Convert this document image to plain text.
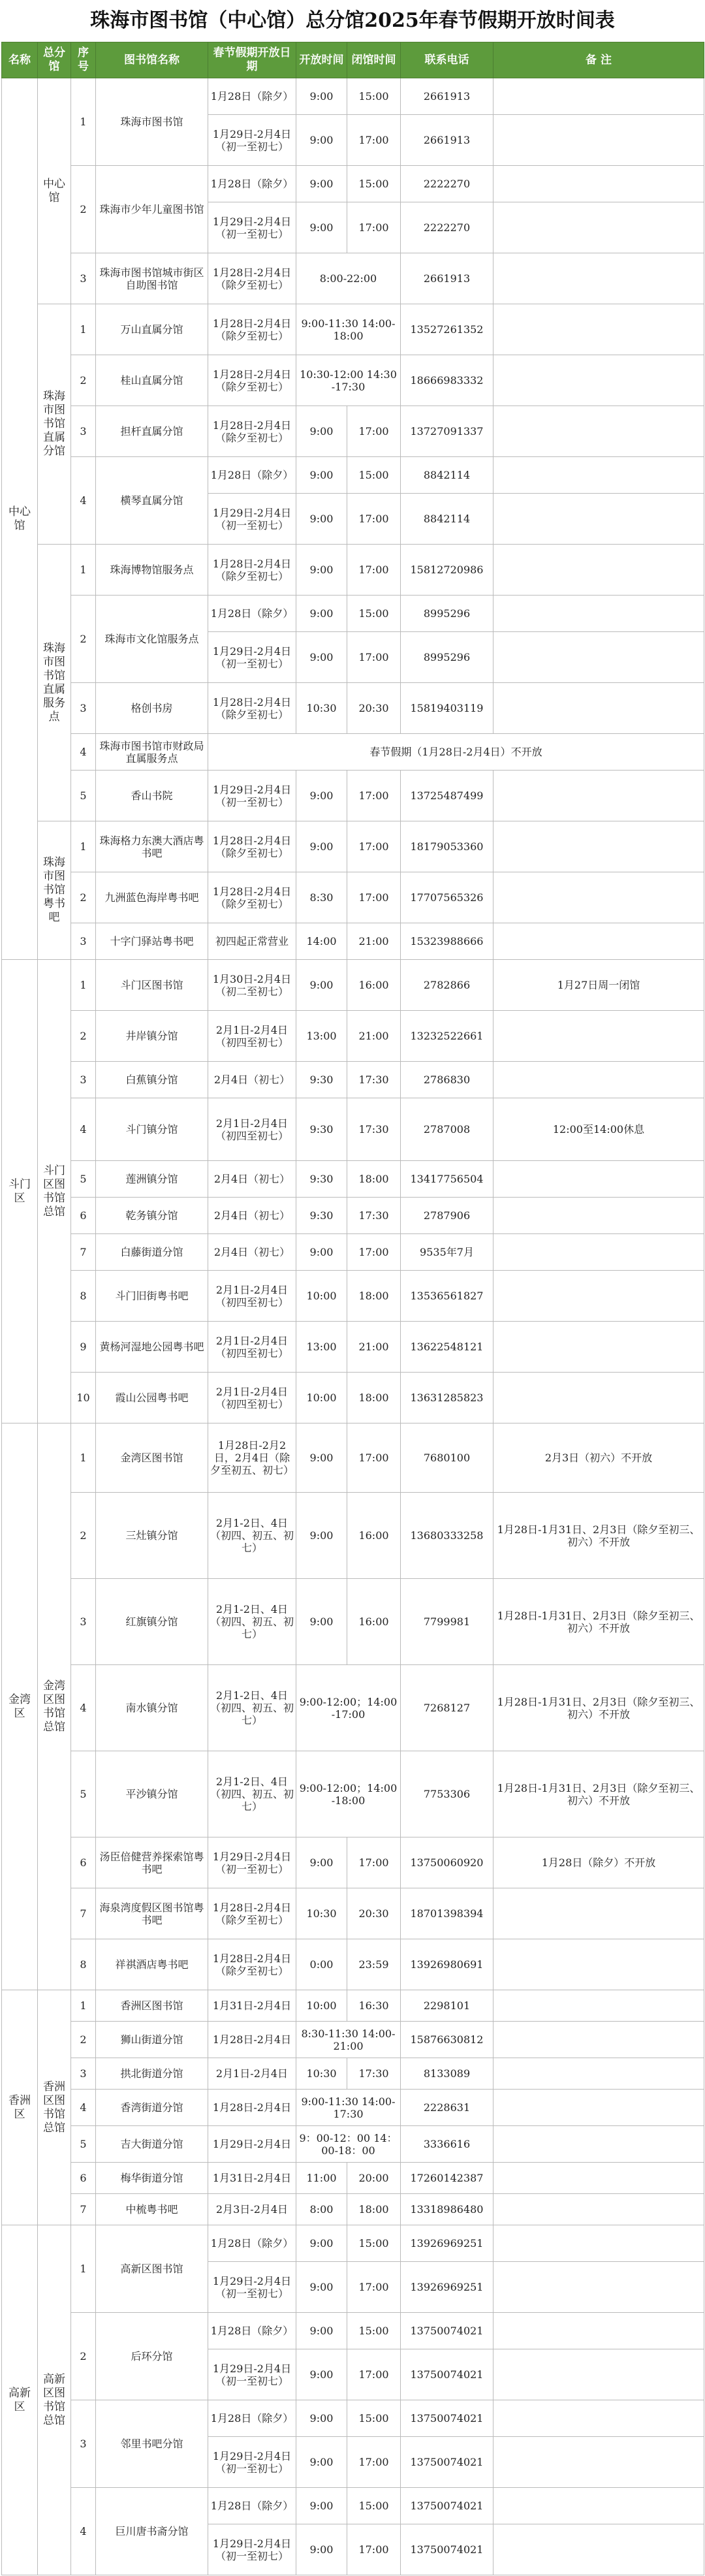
珠海市图书馆（中心馆）总分馆2025年春节假期开放时间表
名称	总分馆	序号	图书馆名称	春节假期开放日期	开放时间	闭馆时间	联系电话	备 注
中心馆	中心馆	1	珠海市图书馆	1月28日（除夕）	9:00	15:00	2661913	
				1月29日-2月4日（初一至初七）	9:00	17:00	2661913	
		2	珠海市少年儿童图书馆	1月28日（除夕）	9:00	15:00	2222270	
				1月29日-2月4日（初一至初七）	9:00	17:00	2222270	
		3	珠海市图书馆城市街区自助图书馆	1月28日-2月4日（除夕至初七）	8:00-22:00		2661913	
	珠海市图书馆直属分馆	1	万山直属分馆	1月28日-2月4日（除夕至初七）	9:00-11:30 14:00-18:00		13527261352	
		2	桂山直属分馆	1月28日-2月4日（除夕至初七）	10:30-12:00 14:30-17:30		18666983332	
		3	担杆直属分馆	1月28日-2月4日（除夕至初七）	9:00	17:00	13727091337	
		4	横琴直属分馆	1月28日（除夕）	9:00	15:00	8842114	
				1月29日-2月4日（初一至初七）	9:00	17:00	8842114	
	珠海市图书馆直属服务点	1	珠海博物馆服务点	1月28日-2月4日（除夕至初七）	9:00	17:00	15812720986	
		2	珠海市文化馆服务点	1月28日（除夕）	9:00	15:00	8995296	
				1月29日-2月4日（初一至初七）	9:00	17:00	8995296	
		3	格创书房	1月28日-2月4日（除夕至初七）	10:30	20:30	15819403119	
		4	珠海市图书馆市财政局直属服务点	春节假期（1月28日-2月4日）不开放				
		5	香山书院	1月29日-2月4日（初一至初七）	9:00	17:00	13725487499	
	珠海市图书馆粤书吧	1	珠海格力东澳大酒店粤书吧	1月28日-2月4日（除夕至初七）	9:00	17:00	18179053360	
		2	九洲蓝色海岸粤书吧	1月28日-2月4日（除夕至初七）	8:30	17:00	17707565326	
		3	十字门驿站粤书吧	初四起正常营业	14:00	21:00	15323988666	
斗门区	斗门区图书馆总馆	1	斗门区图书馆	1月30日-2月4日（初二至初七）	9:00	16:00	2782866	1月27日周一闭馆
		2	井岸镇分馆	2月1日-2月4日（初四至初七）	13:00	21:00	13232522661	
		3	白蕉镇分馆	2月4日（初七）	9:30	17:30	2786830	
		4	斗门镇分馆	2月1日-2月4日（初四至初七）	9:30	17:30	2787008	12:00至14:00休息
		5	莲洲镇分馆	2月4日（初七）	9:30	18:00	13417756504	
		6	乾务镇分馆	2月4日（初七）	9:30	17:30	2787906	
		7	白藤街道分馆	2月4日（初七）	9:00	17:00	9535年7月	
		8	斗门旧街粤书吧	2月1日-2月4日（初四至初七）	10:00	18:00	13536561827	
		9	黄杨河湿地公园粤书吧	2月1日-2月4日（初四至初七）	13:00	21:00	13622548121	
		10	霞山公园粤书吧	2月1日-2月4日（初四至初七）	10:00	18:00	13631285823	
金湾区	金湾区图书馆总馆	1	金湾区图书馆	1月28日-2月2日，2月4日（除夕至初五、初七）	9:00	17:00	7680100	2月3日（初六）不开放
		2	三灶镇分馆	2月1-2日、4日（初四、初五、初七）	9:00	16:00	13680333258	1月28日-1月31日、2月3日（除夕至初三、初六）不开放
		3	红旗镇分馆	2月1-2日、4日（初四、初五、初七）	9:00	16:00	7799981	1月28日-1月31日、2月3日（除夕至初三、初六）不开放
		4	南水镇分馆	2月1-2日、4日（初四、初五、初七）	9:00-12:00；14:00-17:00		7268127	1月28日-1月31日、2月3日（除夕至初三、初六）不开放
		5	平沙镇分馆	2月1-2日、4日（初四、初五、初七）	9:00-12:00；14:00-18:00		7753306	1月28日-1月31日、2月3日（除夕至初三、初六）不开放
		6	汤臣倍健营养探索馆粤书吧	1月29日-2月4日（初一至初七）	9:00	17:00	13750060920	1月28日（除夕）不开放
		7	海泉湾度假区图书馆粤书吧	1月28日-2月4日（除夕至初七）	10:30	20:30	18701398394	
		8	祥祺酒店粤书吧	1月28日-2月4日（除夕至初七）	0:00	23:59	13926980691	
香洲区	香洲区图书馆总馆	1	香洲区图书馆	1月31日-2月4日	10:00	16:30	2298101	
		2	狮山街道分馆	1月28日-2月4日	8:30-11:30 14:00-21:00		15876630812	
		3	拱北街道分馆	2月1日-2月4日	10:30	17:30	8133089	
		4	香湾街道分馆	1月28日-2月4日	9:00-11:30 14:00-17:30		2228631	
		5	吉大街道分馆	1月29日-2月4日	9：00-12：00 14：00-18：00		3336616	
		6	梅华街道分馆	1月31日-2月4日	11:00	20:00	17260142387	
		7	中梳粤书吧	2月3日-2月4日	8:00	18:00	13318986480	
高新区	高新区图书馆总馆	1	高新区图书馆	1月28日（除夕）	9:00	15:00	13926969251	
				1月29日-2月4日（初一至初七）	9:00	17:00	13926969251	
		2	后环分馆	1月28日（除夕）	9:00	15:00	13750074021	
				1月29日-2月4日（初一至初七）	9:00	17:00	13750074021	
		3	邻里书吧分馆	1月28日（除夕）	9:00	15:00	13750074021	
				1月29日-2月4日（初一至初七）	9:00	17:00	13750074021	
		4	巨川唐书斋分馆	1月28日（除夕）	9:00	15:00	13750074021	
				1月29日-2月4日（初一至初七）	9:00	17:00	13750074021	
